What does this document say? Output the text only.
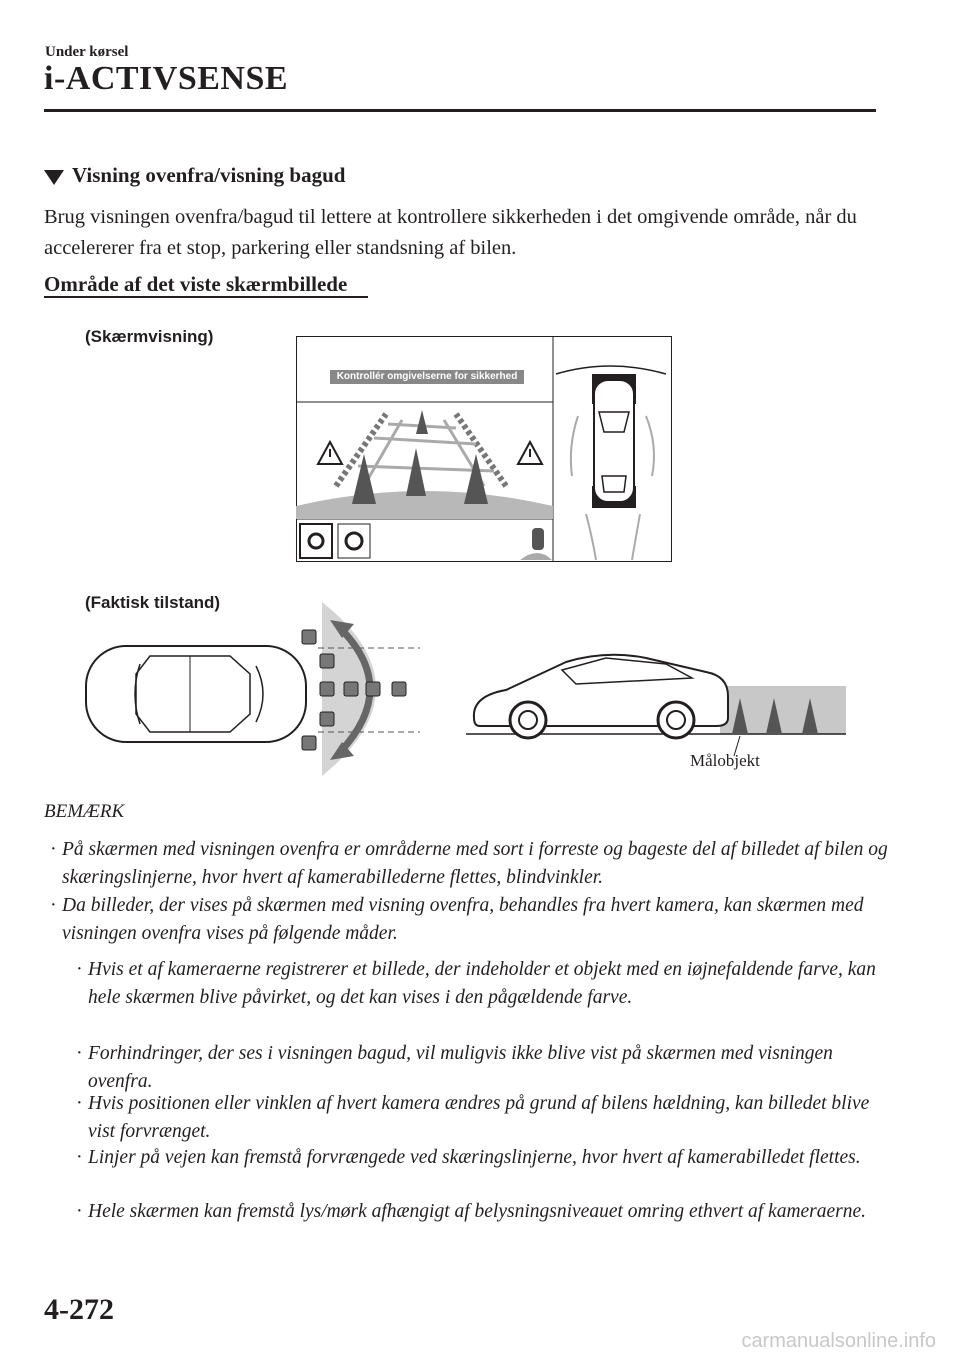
Under kørsel
i-ACTIVSENSE
Visning ovenfra/visning bagud
Brug visningen ovenfra/bagud til lettere at kontrollere sikkerheden i det omgivende område, når du accelererer fra et stop, parkering eller standsning af bilen.
Område af det viste skærmbillede
(Skærmvisning)
Kontrollér omgivelserne for sikkerhed
(Faktisk tilstand)
Målobjekt
BEMÆRK
· På skærmen med visningen ovenfra er områderne med sort i forreste og bageste del af billedet af bilen og skæringslinjerne, hvor hvert af kamerabillederne flettes, blindvinkler.
· Da billeder, der vises på skærmen med visning ovenfra, behandles fra hvert kamera, kan skærmen med visningen ovenfra vises på følgende måder.
· Hvis et af kameraerne registrerer et billede, der indeholder et objekt med en iøjnefaldende farve, kan hele skærmen blive påvirket, og det kan vises i den pågældende farve.
· Forhindringer, der ses i visningen bagud, vil muligvis ikke blive vist på skærmen med visningen ovenfra.
· Hvis positionen eller vinklen af hvert kamera ændres på grund af bilens hældning, kan billedet blive vist forvrænget.
· Linjer på vejen kan fremstå forvrængede ved skæringslinjerne, hvor hvert af kamerabilledet flettes.
· Hele skærmen kan fremstå lys/mørk afhængigt af belysningsniveauet omring ethvert af kameraerne.
4-272
carmanualsonline.info
